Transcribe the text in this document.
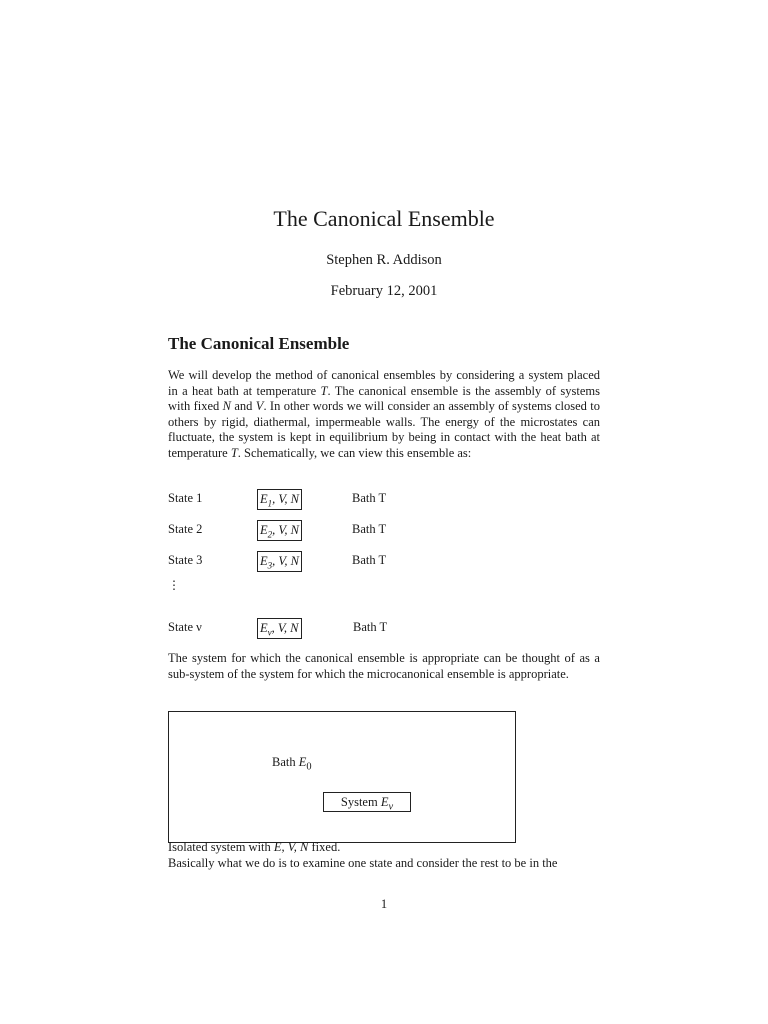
The Canonical Ensemble
Stephen R. Addison
February 12, 2001
The Canonical Ensemble
We will develop the method of canonical ensembles by considering a system placed in a heat bath at temperature T. The canonical ensemble is the assembly of systems with fixed N and V. In other words we will consider an assembly of systems closed to others by rigid, diathermal, impermeable walls. The energy of the microstates can fluctuate, the system is kept in equilibrium by being in contact with the heat bath at temperature T. Schematically, we can view this ensemble as:
State 1	$E_1$, V, N	Bath T
State 2	$E_2$, V, N	Bath T
State 3	$E_3$, V, N	Bath T
⋮
State ν	$E_\nu$, V, N	Bath T
The system for which the canonical ensemble is appropriate can be thought of as a sub-system of the system for which the microcanonical ensemble is appropriate.
Bath $E_0$
System $E_\nu$
Isolated system with E, V, N fixed.
Basically what we do is to examine one state and consider the rest to be in the
1
